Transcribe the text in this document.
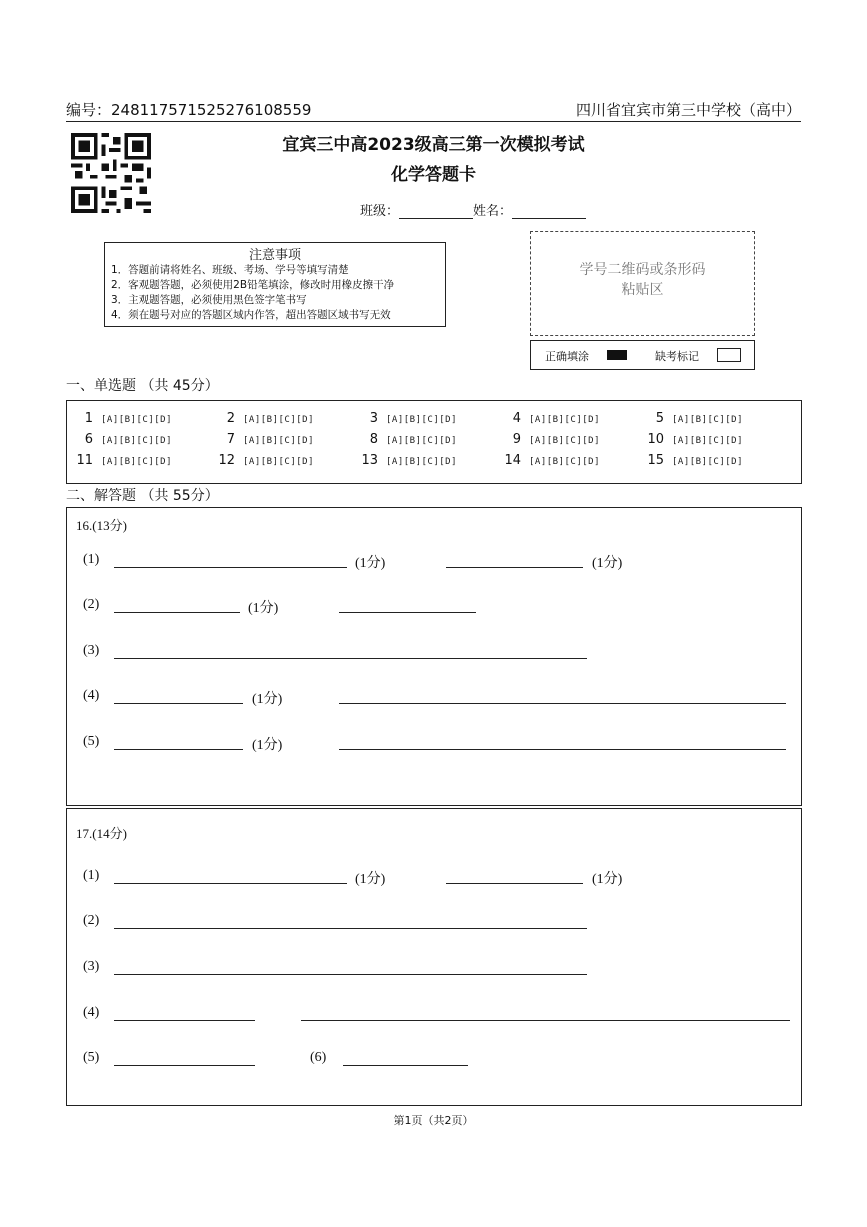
编号：248117571525276108559	四川省宜宾市第三中学校（高中）
宜宾三中高2023级高三第一次模拟考试
化学答题卡
班级：	姓名：
注意事项
1．答题前请将姓名、班级、考场、学号等填写清楚
2．客观题答题，必须使用2B铅笔填涂，修改时用橡皮擦干净
3．主观题答题，必须使用黑色签字笔书写
4．须在题号对应的答题区域内作答，超出答题区域书写无效
学号二维码或条形码
粘贴区
正确填涂	缺考标记
一、单选题 （共 45分）
1 [A][B][C][D]	2 [A][B][C][D]	3 [A][B][C][D]	4 [A][B][C][D]	5 [A][B][C][D]
6 [A][B][C][D]	7 [A][B][C][D]	8 [A][B][C][D]	9 [A][B][C][D]	10 [A][B][C][D]
11 [A][B][C][D]	12 [A][B][C][D]	13 [A][B][C][D]	14 [A][B][C][D]	15 [A][B][C][D]
二、解答题 （共 55分）
16.(13分)
(1)	(1分)	(1分)
(2)	(1分)
(3)
(4)	(1分)
(5)	(1分)
17.(14分)
(1)	(1分)	(1分)
(2)
(3)
(4)
(5)	(6)
第1页（共2页）
